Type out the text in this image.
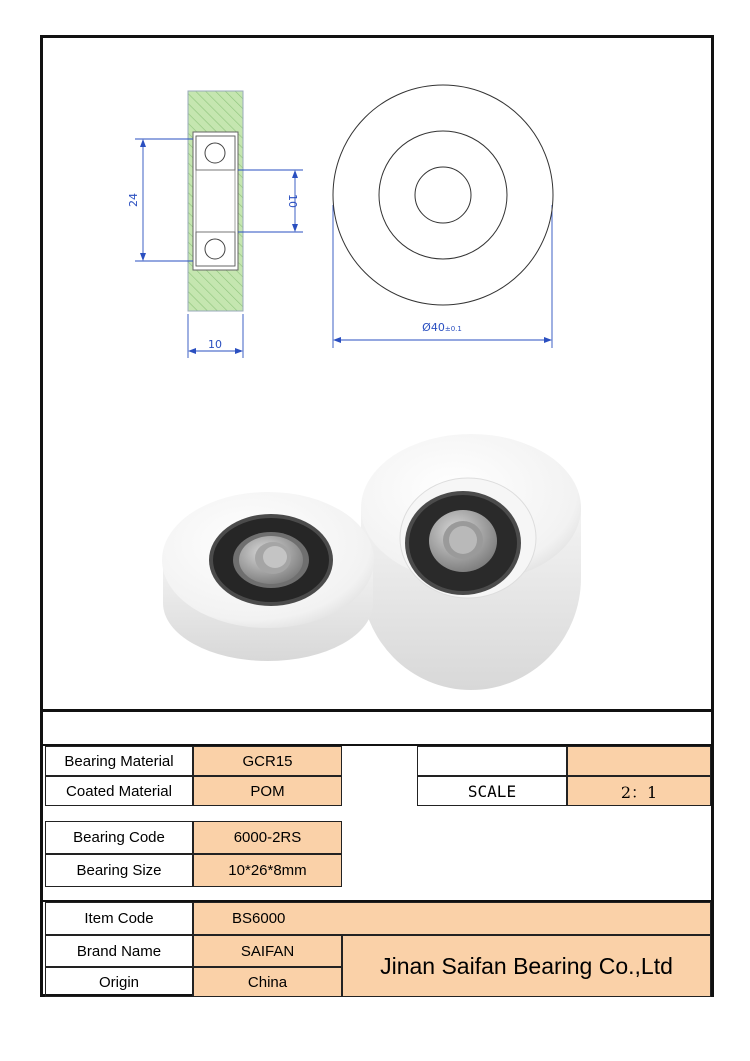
24	10
10
Ø40±0.1
Bearing Material	GCR15
Coated Material	POM
Bearing Code	6000-2RS
Bearing Size	10*26*8mm
SCALE	2：1
Item Code	BS6000
Brand Name	SAIFAN
Origin	China
Jinan Saifan Bearing Co.,Ltd
